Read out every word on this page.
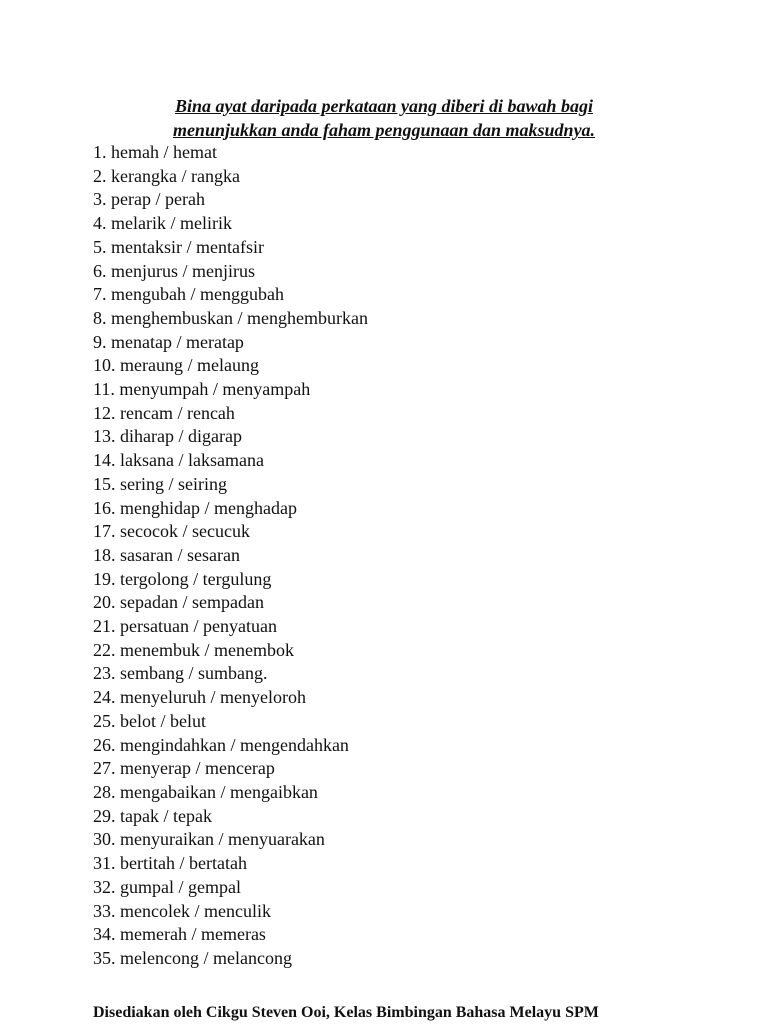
Bina ayat daripada perkataan yang diberi di bawah bagi
menunjukkan anda faham penggunaan dan maksudnya.
1. hemah / hemat
2. kerangka / rangka
3. perap / perah
4. melarik / melirik
5. mentaksir / mentafsir
6. menjurus / menjirus
7. mengubah / menggubah
8. menghembuskan / menghemburkan
9. menatap / meratap
10. meraung / melaung
11. menyumpah / menyampah
12. rencam / rencah
13. diharap / digarap
14. laksana / laksamana
15. sering / seiring
16. menghidap / menghadap
17. secocok / secucuk
18. sasaran / sesaran
19. tergolong / tergulung
20. sepadan / sempadan
21. persatuan / penyatuan
22. menembuk / menembok
23. sembang / sumbang.
24. menyeluruh / menyeloroh
25. belot / belut
26. mengindahkan / mengendahkan
27. menyerap / mencerap
28. mengabaikan / mengaibkan
29. tapak / tepak
30. menyuraikan / menyuarakan
31. bertitah / bertatah
32. gumpal / gempal
33. mencolek / menculik
34. memerah / memeras
35. melencong / melancong
Disediakan oleh Cikgu Steven Ooi, Kelas Bimbingan Bahasa Melayu SPM
